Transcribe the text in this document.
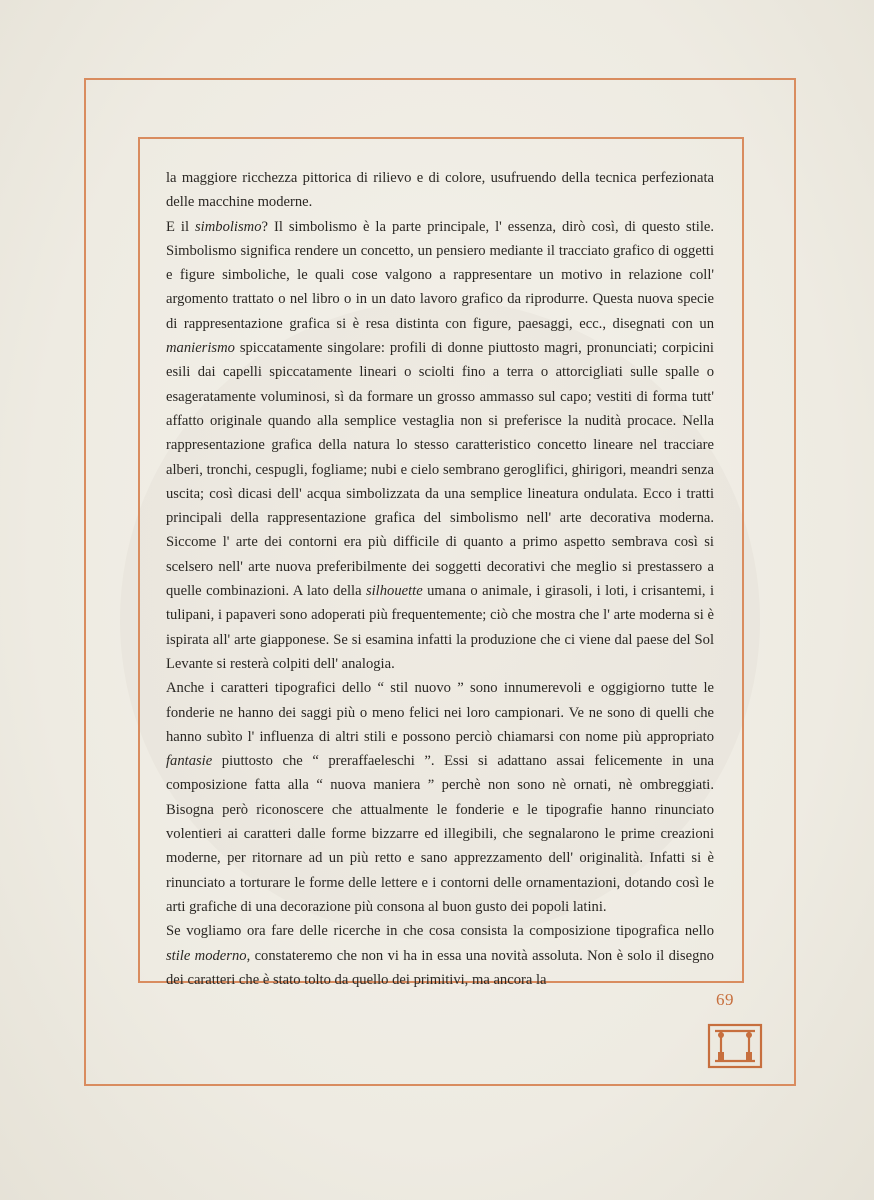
la maggiore ricchezza pittorica di rilievo e di colore, usufruendo della tecnica perfezionata delle macchine moderne.

E il simbolismo? Il simbolismo è la parte principale, l' essenza, dirò così, di questo stile. Simbolismo significa rendere un concetto, un pensiero mediante il tracciato grafico di oggetti e figure simboliche, le quali cose valgono a rappresentare un motivo in relazione coll' argomento trattato o nel libro o in un dato lavoro grafico da riprodurre. Questa nuova specie di rappresentazione grafica si è resa distinta con figure, paesaggi, ecc., disegnati con un manierismo spiccatamente singolare: profili di donne piuttosto magri, pronunciati; corpicini esili dai capelli spiccatamente lineari o sciolti fino a terra o attorcigliati sulle spalle o esageratamente voluminosi, sì da formare un grosso ammasso sul capo; vestiti di forma tutt' affatto originale quando alla semplice vestaglia non si preferisce la nudità procace. Nella rappresentazione grafica della natura lo stesso caratteristico concetto lineare nel tracciare alberi, tronchi, cespugli, fogliame; nubi e cielo sembrano geroglifici, ghirigori, meandri senza uscita; così dicasi dell' acqua simbolizzata da una semplice lineatura ondulata. Ecco i tratti principali della rappresentazione grafica del simbolismo nell' arte decorativa moderna. Siccome l' arte dei contorni era più difficile di quanto a primo aspetto sembrava così si scelsero nell' arte nuova preferibilmente dei soggetti decorativi che meglio si prestassero a quelle combinazioni. A lato della silhouette umana o animale, i girasoli, i loti, i crisantemi, i tulipani, i papaveri sono adoperati più frequentemente; ciò che mostra che l' arte moderna si è ispirata all' arte giapponese. Se si esamina infatti la produzione che ci viene dal paese del Sol Levante si resterà colpiti dell' analogia.

Anche i caratteri tipografici dello “ stil nuovo ” sono innumerevoli e oggigiorno tutte le fonderie ne hanno dei saggi più o meno felici nei loro campionari. Ve ne sono di quelli che hanno subìto l' influenza di altri stili e possono perciò chiamarsi con nome più appropriato fantasie piuttosto che “ preraffaeleschi ”. Essi si adattano assai felicemente in una composizione fatta alla “ nuova maniera ” perchè non sono nè ornati, nè ombreggiati. Bisogna però riconoscere che attualmente le fonderie e le tipografie hanno rinunciato volentieri ai caratteri dalle forme bizzarre ed illegibili, che segnalarono le prime creazioni moderne, per ritornare ad un più retto e sano apprezzamento dell' originalità. Infatti si è rinunciato a torturare le forme delle lettere e i contorni delle ornamentazioni, dotando così le arti grafiche di una decorazione più consona al buon gusto dei popoli latini.

Se vogliamo ora fare delle ricerche in che cosa consista la composizione tipografica nello stile moderno, constateremo che non vi ha in essa una novità assoluta. Non è solo il disegno dei caratteri che è stato tolto da quello dei primitivi, ma ancora la

69
